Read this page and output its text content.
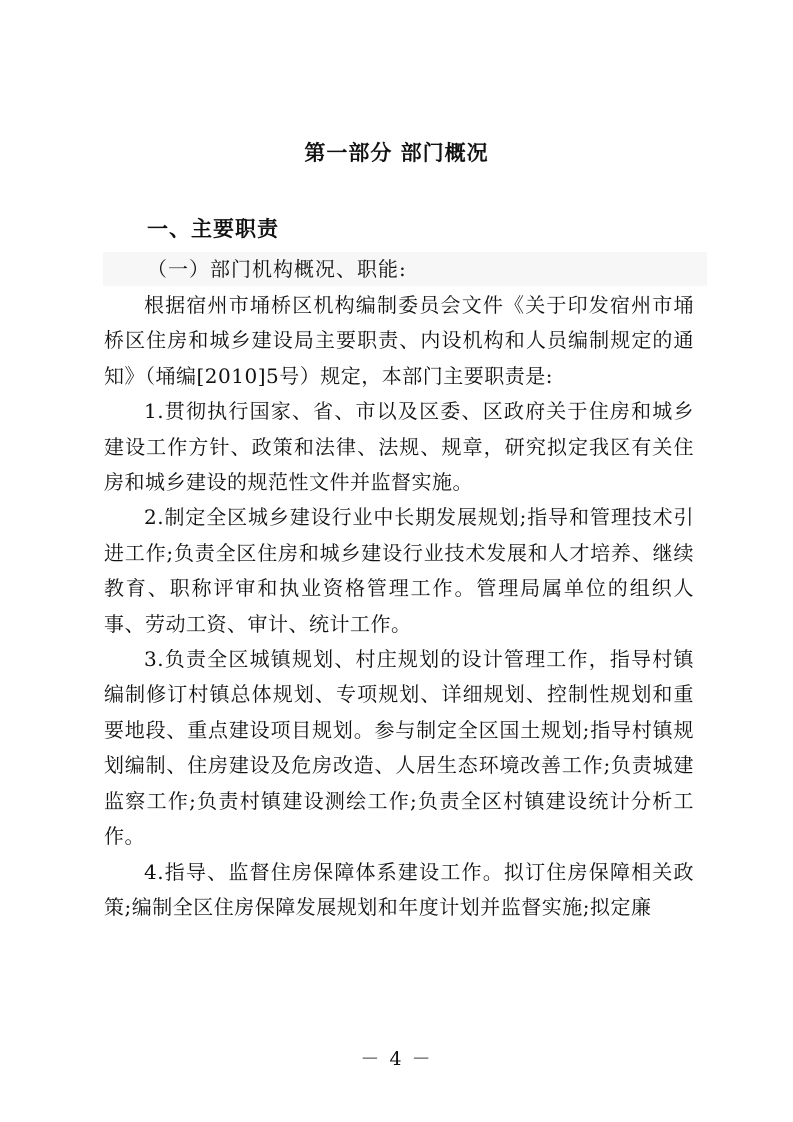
第一部分 部门概况
一、主要职责
（一）部门机构概况、职能:

根据宿州市埇桥区机构编制委员会文件《关于印发宿州市埇桥区住房和城乡建设局主要职责、内设机构和人员编制规定的通知》（埇编[2010]5号）规定，本部门主要职责是:

1.贯彻执行国家、省、市以及区委、区政府关于住房和城乡建设工作方针、政策和法律、法规、规章，研究拟定我区有关住房和城乡建设的规范性文件并监督实施。

2.制定全区城乡建设行业中长期发展规划;指导和管理技术引进工作;负责全区住房和城乡建设行业技术发展和人才培养、继续教育、职称评审和执业资格管理工作。管理局属单位的组织人事、劳动工资、审计、统计工作。

3.负责全区城镇规划、村庄规划的设计管理工作，指导村镇编制修订村镇总体规划、专项规划、详细规划、控制性规划和重要地段、重点建设项目规划。参与制定全区国土规划;指导村镇规划编制、住房建设及危房改造、人居生态环境改善工作;负责城建监察工作;负责村镇建设测绘工作;负责全区村镇建设统计分析工作。

4.指导、监督住房保障体系建设工作。拟订住房保障相关政策;编制全区住房保障发展规划和年度计划并监督实施;拟定廉

－ 4 －
